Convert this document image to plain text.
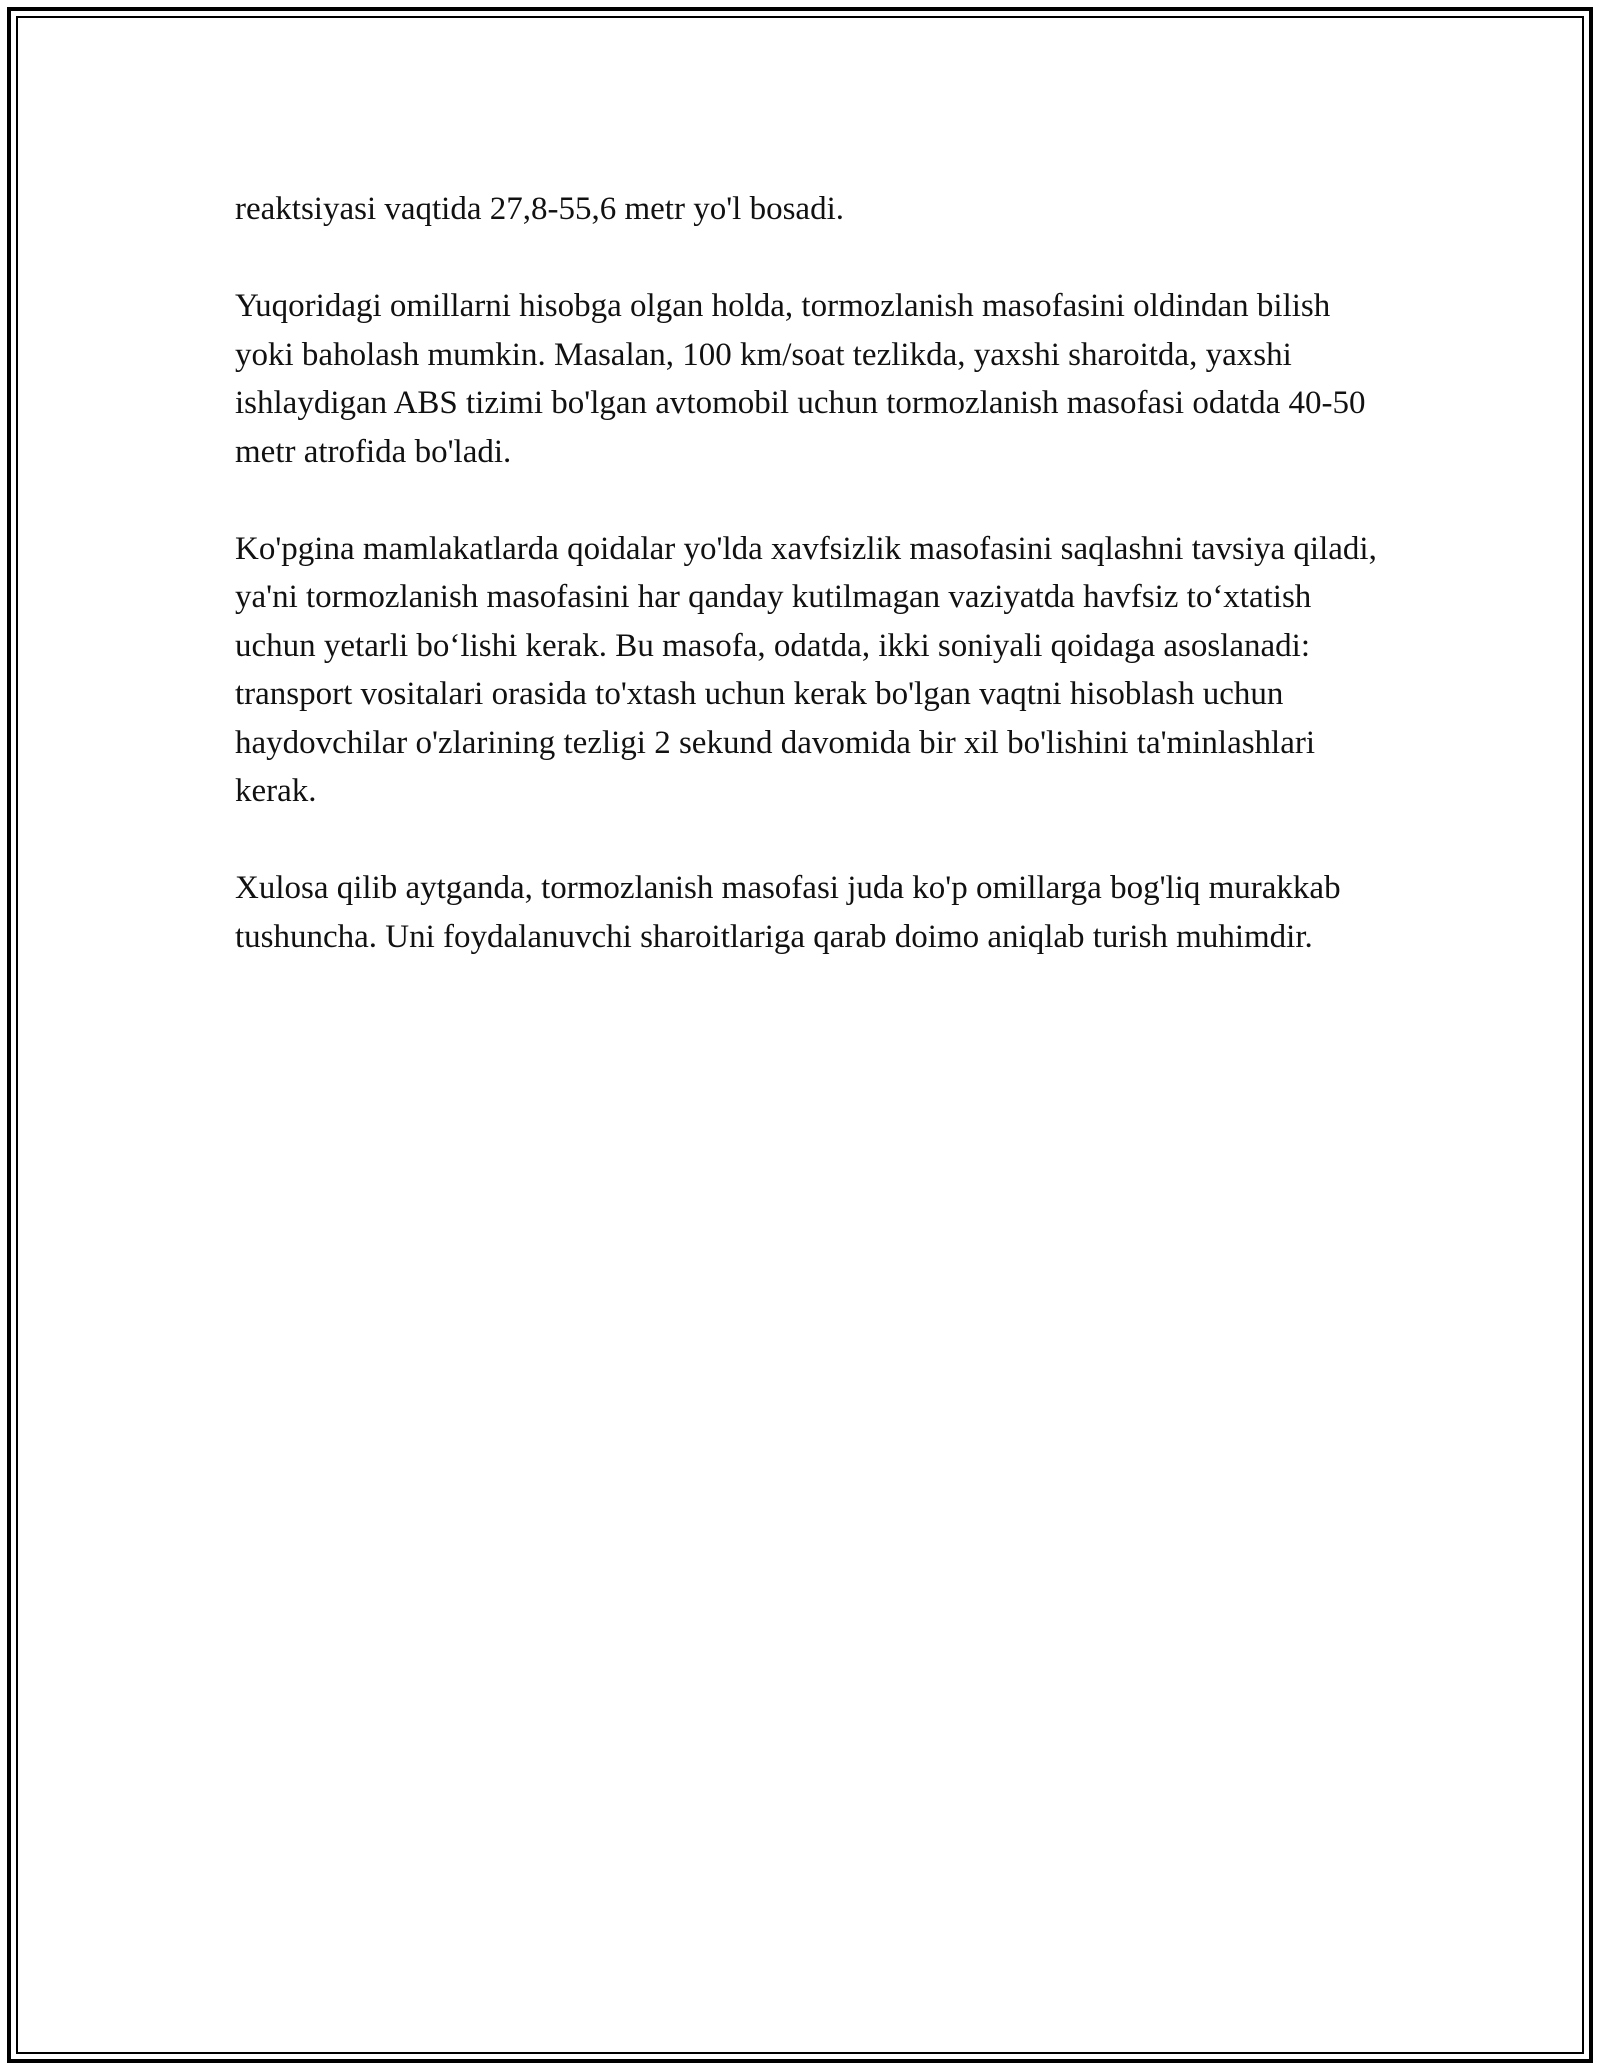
reaktsiyasi vaqtida 27,8-55,6 metr yo'l bosadi.

Yuqoridagi omillarni hisobga olgan holda, tormozlanish masofasini oldindan bilish yoki baholash mumkin. Masalan, 100 km/soat tezlikda, yaxshi sharoitda, yaxshi ishlaydigan ABS tizimi bo'lgan avtomobil uchun tormozlanish masofasi odatda 40-50 metr atrofida bo'ladi.

Ko'pgina mamlakatlarda qoidalar yo'lda xavfsizlik masofasini saqlashni tavsiya qiladi, ya'ni tormozlanish masofasini har qanday kutilmagan vaziyatda havfsiz to‘xtatish uchun yetarli bo‘lishi kerak. Bu masofa, odatda, ikki soniyali qoidaga asoslanadi: transport vositalari orasida to'xtash uchun kerak bo'lgan vaqtni hisoblash uchun haydovchilar o'zlarining tezligi 2 sekund davomida bir xil bo'lishini ta'minlashlari kerak.

Xulosa qilib aytganda, tormozlanish masofasi juda ko'p omillarga bog'liq murakkab tushuncha. Uni foydalanuvchi sharoitlariga qarab doimo aniqlab turish muhimdir.
